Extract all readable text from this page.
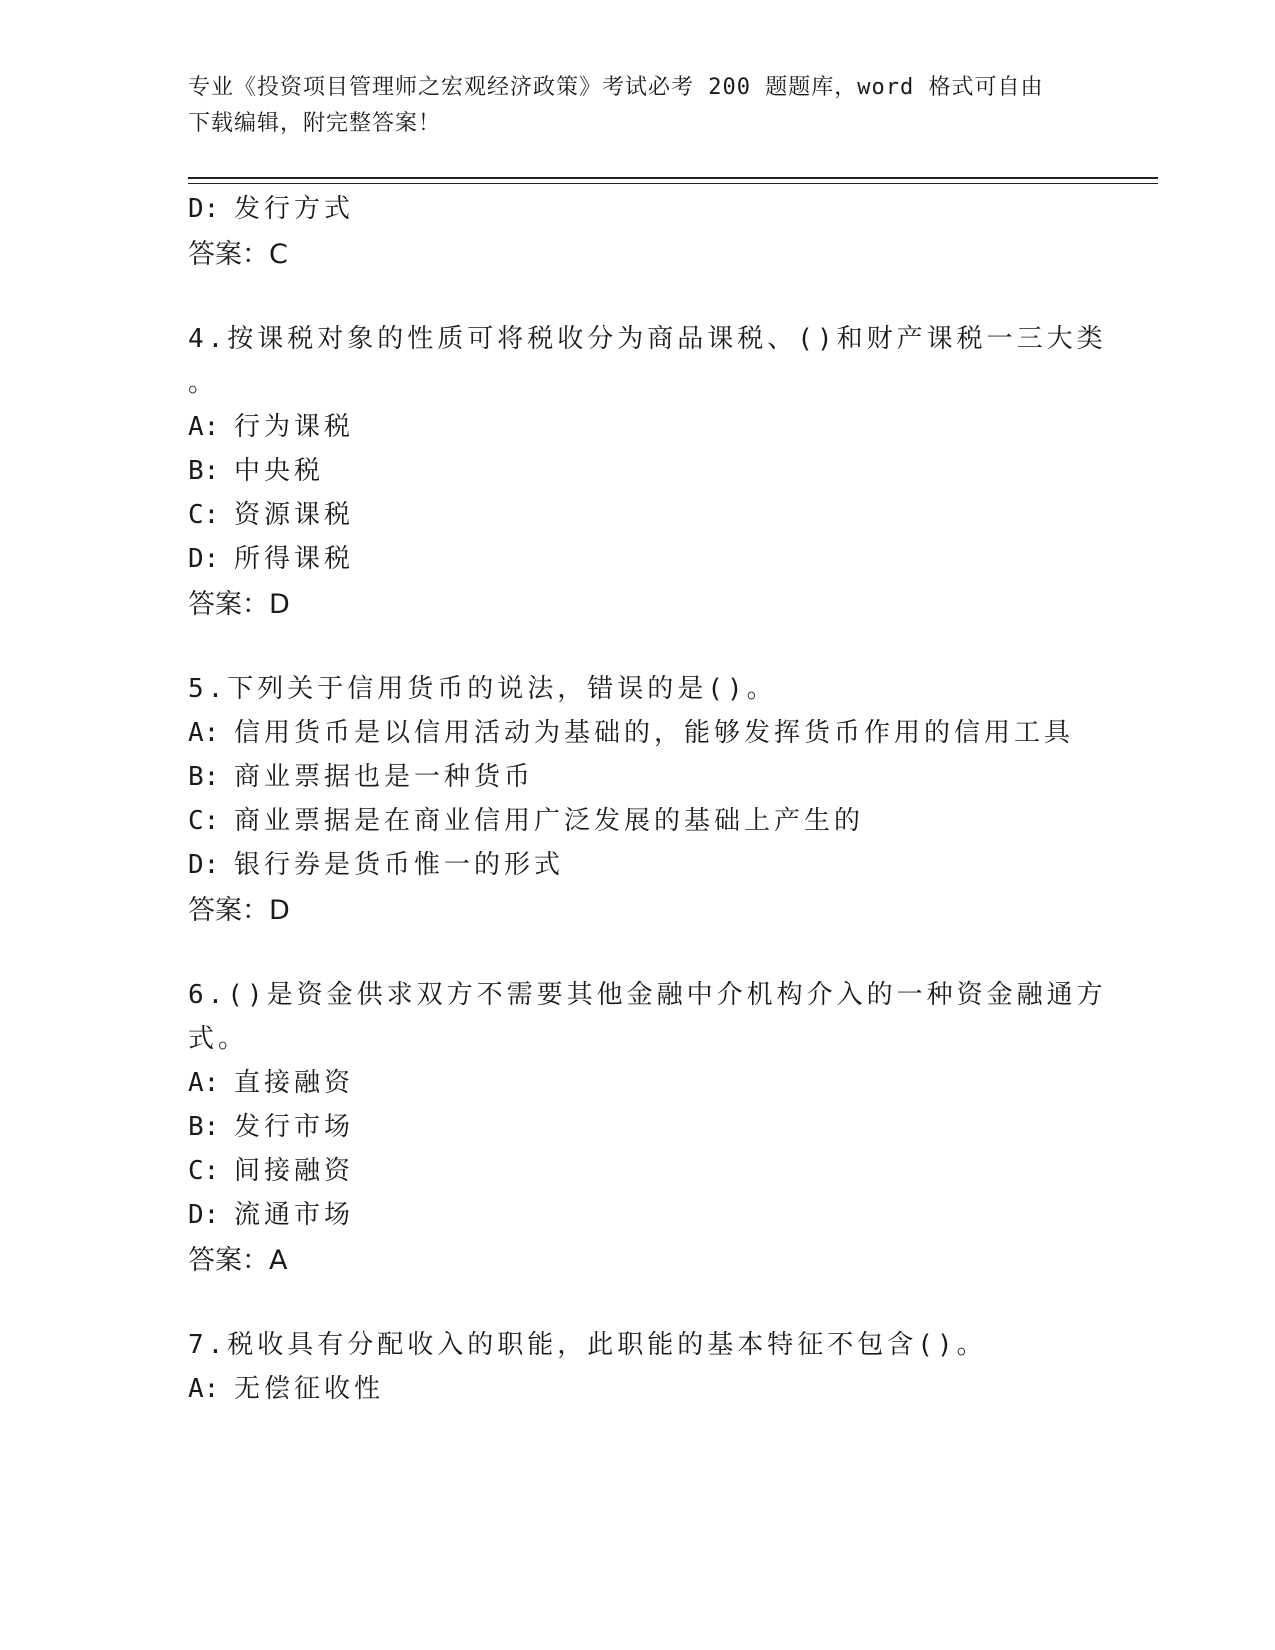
专业《投资项目管理师之宏观经济政策》考试必考 200 题题库，word 格式可自由
下载编辑，附完整答案！
D: 发行方式
答案：C
4.按课税对象的性质可将税收分为商品课税、()和财产课税一三大类
。
A: 行为课税
B: 中央税
C: 资源课税
D: 所得课税
答案：D
5.下列关于信用货币的说法，错误的是()。
A: 信用货币是以信用活动为基础的，能够发挥货币作用的信用工具
B: 商业票据也是一种货币
C: 商业票据是在商业信用广泛发展的基础上产生的
D: 银行券是货币惟一的形式
答案：D
6.()是资金供求双方不需要其他金融中介机构介入的一种资金融通方
式。
A: 直接融资
B: 发行市场
C: 间接融资
D: 流通市场
答案：A
7.税收具有分配收入的职能，此职能的基本特征不包含()。
A: 无偿征收性
